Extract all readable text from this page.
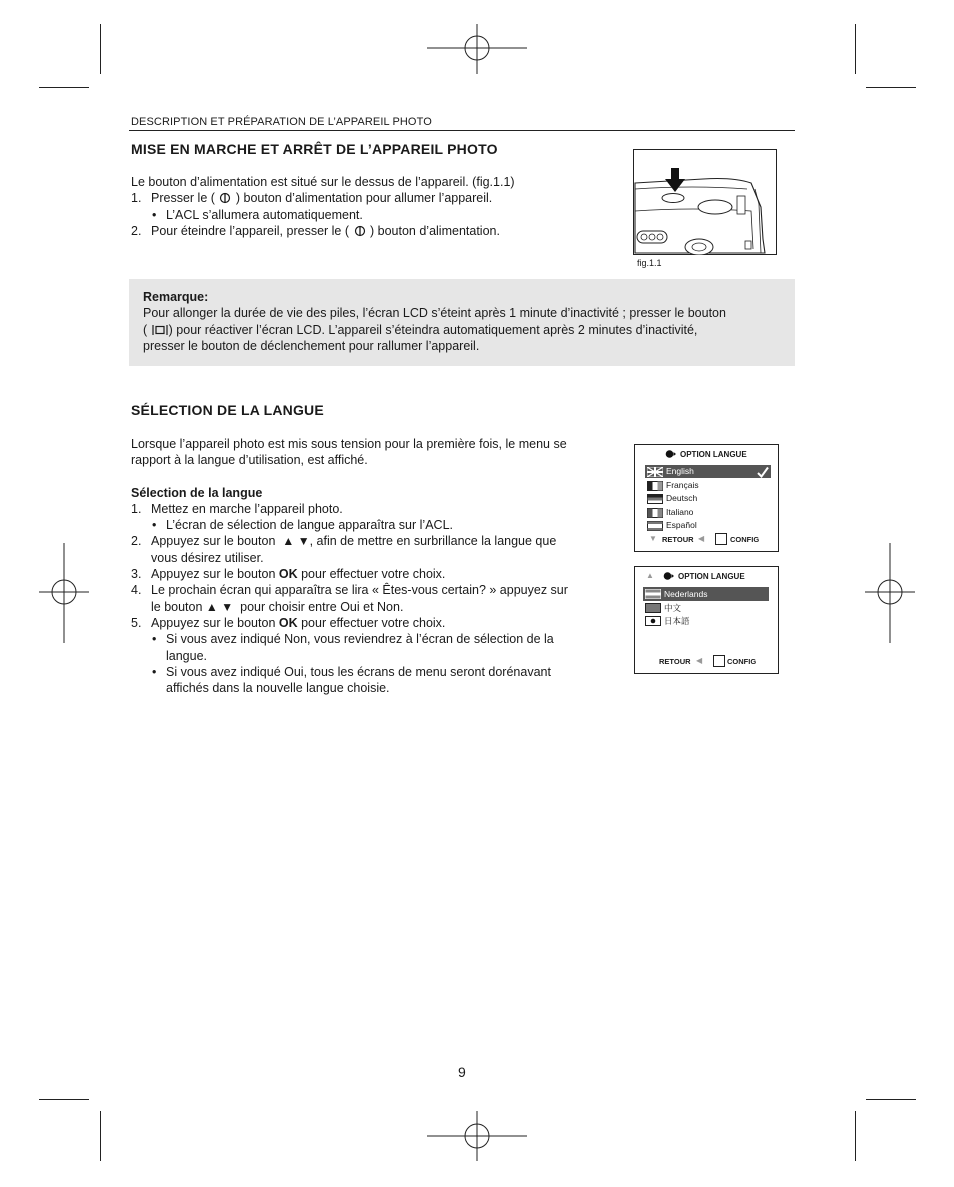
DESCRIPTION ET PRÉPARATION DE L’APPAREIL PHOTO
MISE EN MARCHE ET ARRÊT DE L’APPAREIL PHOTO
Le bouton d’alimentation est situé sur le dessus de l’appareil. (fig.1.1)
1. Presser le ( ) bouton d’alimentation pour allumer l’appareil.
• L’ACL s’allumera automatiquement.
2. Pour éteindre l’appareil, presser le ( ) bouton d’alimentation.
fig.1.1
Remarque:
Pour allonger la durée de vie des piles, l’écran LCD s’éteint après 1 minute d’inactivité ; presser le bouton
( ) pour réactiver l’écran LCD. L’appareil s’éteindra automatiquement après 2 minutes d’inactivité,
presser le bouton de déclenchement pour rallumer l’appareil.
SÉLECTION DE LA LANGUE
Lorsque l’appareil photo est mis sous tension pour la première fois, le menu se
rapport à la langue d’utilisation, est affiché.
Sélection de la langue
1. Mettez en marche l’appareil photo.
• L’écran de sélection de langue apparaîtra sur l’ACL.
2. Appuyez sur le bouton ▲ ▼, afin de mettre en surbrillance la langue que
vous désirez utiliser.
3. Appuyez sur le bouton OK pour effectuer votre choix.
4. Le prochain écran qui apparaîtra se lira « Êtes-vous certain? » appuyez sur
le bouton ▲ ▼ pour choisir entre Oui et Non.
5. Appuyez sur le bouton OK pour effectuer votre choix.
• Si vous avez indiqué Non, vous reviendrez à l’écran de sélection de la
langue.
• Si vous avez indiqué Oui, tous les écrans de menu seront dorénavant
affichés dans la nouvelle langue choisie.
OPTION LANGUE
English
Français
Deutsch
Italiano
Español
▼ RETOUR ◀	CONFIG
▲	OPTION LANGUE
Nederlands
中文
日本語
RETOUR ◀	CONFIG
9
